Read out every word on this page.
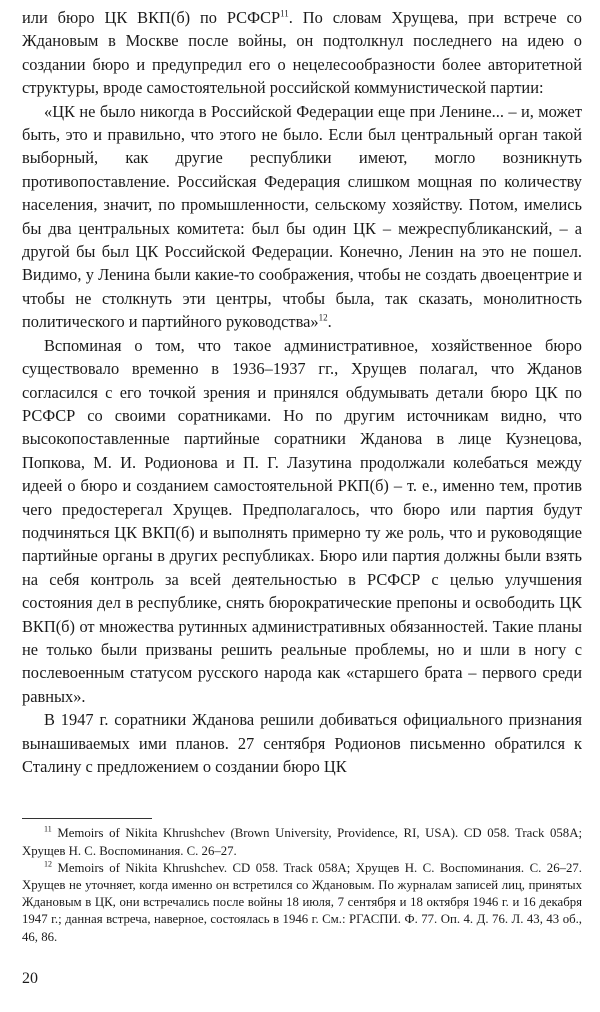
или бюро ЦК ВКП(б) по РСФСР$^{11}$. По словам Хрущева, при встрече со Ждановым в Москве после войны, он подтолкнул последнего на идею о создании бюро и предупредил его о нецелесообразности более авторитетной структуры, вроде самостоятельной российской коммунистической партии:

«ЦК не было никогда в Российской Федерации еще при Ленине... – и, может быть, это и правильно, что этого не было. Если был центральный орган такой выборный, как другие республики имеют, могло возникнуть противопоставление. Российская Федерация слишком мощная по количеству населения, значит, по промышленности, сельскому хозяйству. Потом, имелись бы два центральных комитета: был бы один ЦК – межреспубликанский, – а другой бы был ЦК Российской Федерации. Конечно, Ленин на это не пошел. Видимо, у Ленина были какие-то соображения, чтобы не создать двоецентрие и чтобы не столкнуть эти центры, чтобы была, так сказать, монолитность политического и партийного руководства»$^{12}$.

Вспоминая о том, что такое административное, хозяйственное бюро существовало временно в 1936–1937 гг., Хрущев полагал, что Жданов согласился с его точкой зрения и принялся обдумывать детали бюро ЦК по РСФСР со своими соратниками. Но по другим источникам видно, что высокопоставленные партийные соратники Жданова в лице Кузнецова, Попкова, М. И. Родионова и П. Г. Лазутина продолжали колебаться между идеей о бюро и созданием самостоятельной РКП(б) – т. е., именно тем, против чего предостерегал Хрущев. Предполагалось, что бюро или партия будут подчиняться ЦК ВКП(б) и выполнять примерно ту же роль, что и руководящие партийные органы в других республиках. Бюро или партия должны были взять на себя контроль за всей деятельностью в РСФСР с целью улучшения состояния дел в республике, снять бюрократические препоны и освободить ЦК ВКП(б) от множества рутинных административных обязанностей. Такие планы не только были призваны решить реальные проблемы, но и шли в ногу с послевоенным статусом русского народа как «старшего брата – первого среди равных».

В 1947 г. соратники Жданова решили добиваться официального признания вынашиваемых ими планов. 27 сентября Родионов письменно обратился к Сталину с предложением о создании бюро ЦК

$^{11}$ Memoirs of Nikita Khrushchev (Brown University, Providence, RI, USA). CD 058. Track 058A; Хрущев Н. С. Воспоминания. С. 26–27.

$^{12}$ Memoirs of Nikita Khrushchev. CD 058. Track 058A; Хрущев Н. С. Воспоминания. С. 26–27. Хрущев не уточняет, когда именно он встретился со Ждановым. По журналам записей лиц, принятых Ждановым в ЦК, они встречались после войны 18 июля, 7 сентября и 18 октября 1946 г. и 16 декабря 1947 г.; данная встреча, наверное, состоялась в 1946 г. См.: РГАСПИ. Ф. 77. Оп. 4. Д. 76. Л. 43, 43 об., 46, 86.

20
